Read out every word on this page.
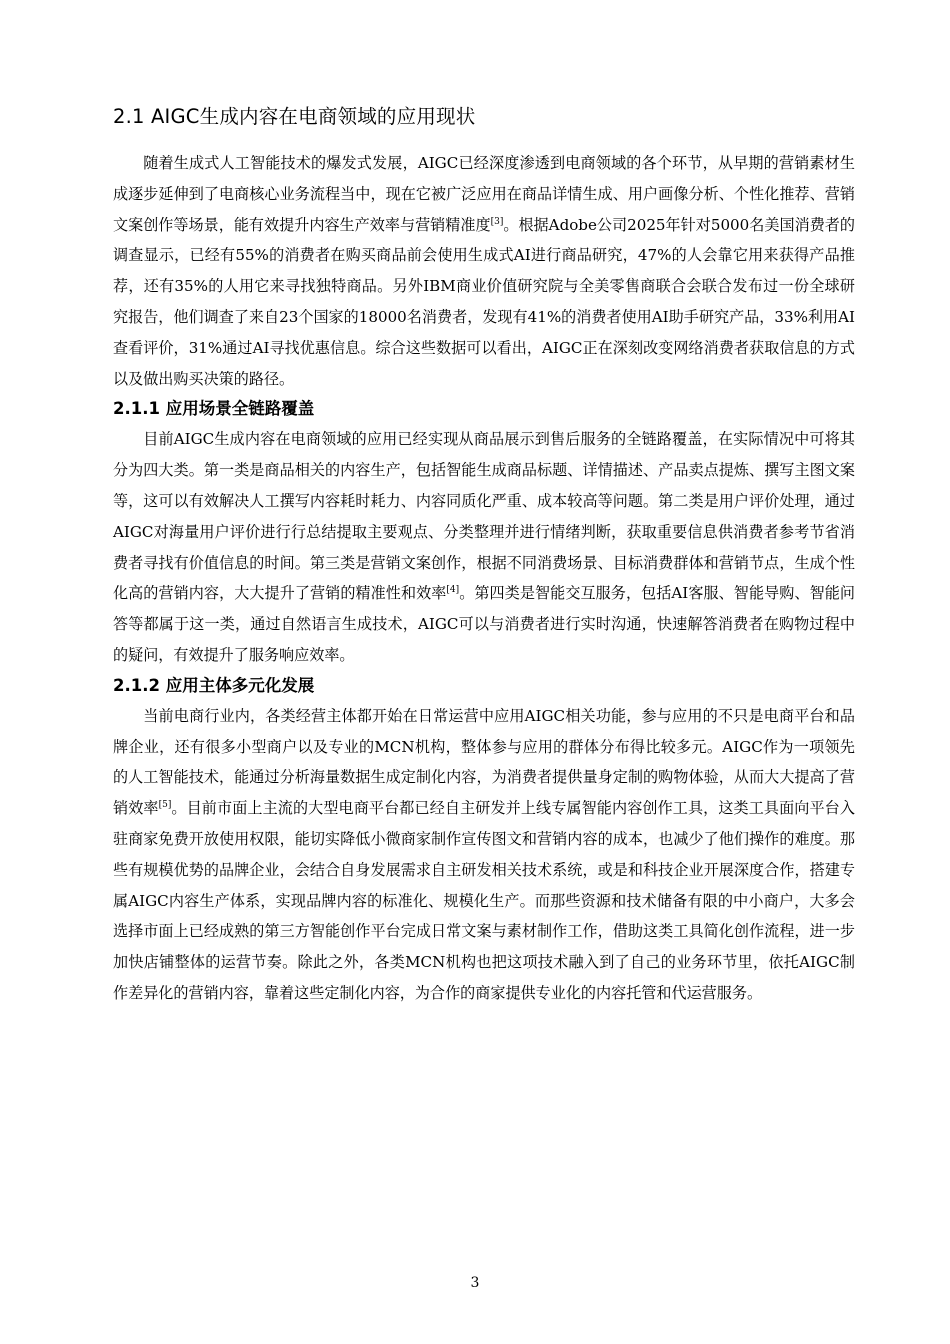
2.1 AIGC生成内容在电商领域的应用现状

随着生成式人工智能技术的爆发式发展，AIGC已经深度渗透到电商领域的各个环节，从早期的营销素材生成逐步延伸到了电商核心业务流程当中，现在它被广泛应用在商品详情生成、用户画像分析、个性化推荐、营销文案创作等场景，能有效提升内容生产效率与营销精准度[3]。根据Adobe公司2025年针对5000名美国消费者的调查显示，已经有55%的消费者在购买商品前会使用生成式AI进行商品研究，47%的人会靠它用来获得产品推荐，还有35%的人用它来寻找独特商品。另外IBM商业价值研究院与全美零售商联合会联合发布过一份全球研究报告，他们调查了来自23个国家的18000名消费者，发现有41%的消费者使用AI助手研究产品，33%利用AI查看评价，31%通过AI寻找优惠信息。综合这些数据可以看出，AIGC正在深刻改变网络消费者获取信息的方式以及做出购买决策的路径。

2.1.1 应用场景全链路覆盖

目前AIGC生成内容在电商领域的应用已经实现从商品展示到售后服务的全链路覆盖，在实际情况中可将其分为四大类。第一类是商品相关的内容生产，包括智能生成商品标题、详情描述、产品卖点提炼、撰写主图文案等，这可以有效解决人工撰写内容耗时耗力、内容同质化严重、成本较高等问题。第二类是用户评价处理，通过AIGC对海量用户评价进行行总结提取主要观点、分类整理并进行情绪判断，获取重要信息供消费者参考节省消费者寻找有价值信息的时间。第三类是营销文案创作，根据不同消费场景、目标消费群体和营销节点，生成个性化高的营销内容，大大提升了营销的精准性和效率[4]。第四类是智能交互服务，包括AI客服、智能导购、智能问答等都属于这一类，通过自然语言生成技术，AIGC可以与消费者进行实时沟通，快速解答消费者在购物过程中的疑问，有效提升了服务响应效率。

2.1.2 应用主体多元化发展

当前电商行业内，各类经营主体都开始在日常运营中应用AIGC相关功能，参与应用的不只是电商平台和品牌企业，还有很多小型商户以及专业的MCN机构，整体参与应用的群体分布得比较多元。AIGC作为一项领先的人工智能技术，能通过分析海量数据生成定制化内容，为消费者提供量身定制的购物体验，从而大大提高了营销效率[5]。目前市面上主流的大型电商平台都已经自主研发并上线专属智能内容创作工具，这类工具面向平台入驻商家免费开放使用权限，能切实降低小微商家制作宣传图文和营销内容的成本，也减少了他们操作的难度。那些有规模优势的品牌企业，会结合自身发展需求自主研发相关技术系统，或是和科技企业开展深度合作，搭建专属AIGC内容生产体系，实现品牌内容的标准化、规模化生产。而那些资源和技术储备有限的中小商户，大多会选择市面上已经成熟的第三方智能创作平台完成日常文案与素材制作工作，借助这类工具简化创作流程，进一步加快店铺整体的运营节奏。除此之外，各类MCN机构也把这项技术融入到了自己的业务环节里，依托AIGC制作差异化的营销内容，靠着这些定制化内容，为合作的商家提供专业化的内容托管和代运营服务。

3
